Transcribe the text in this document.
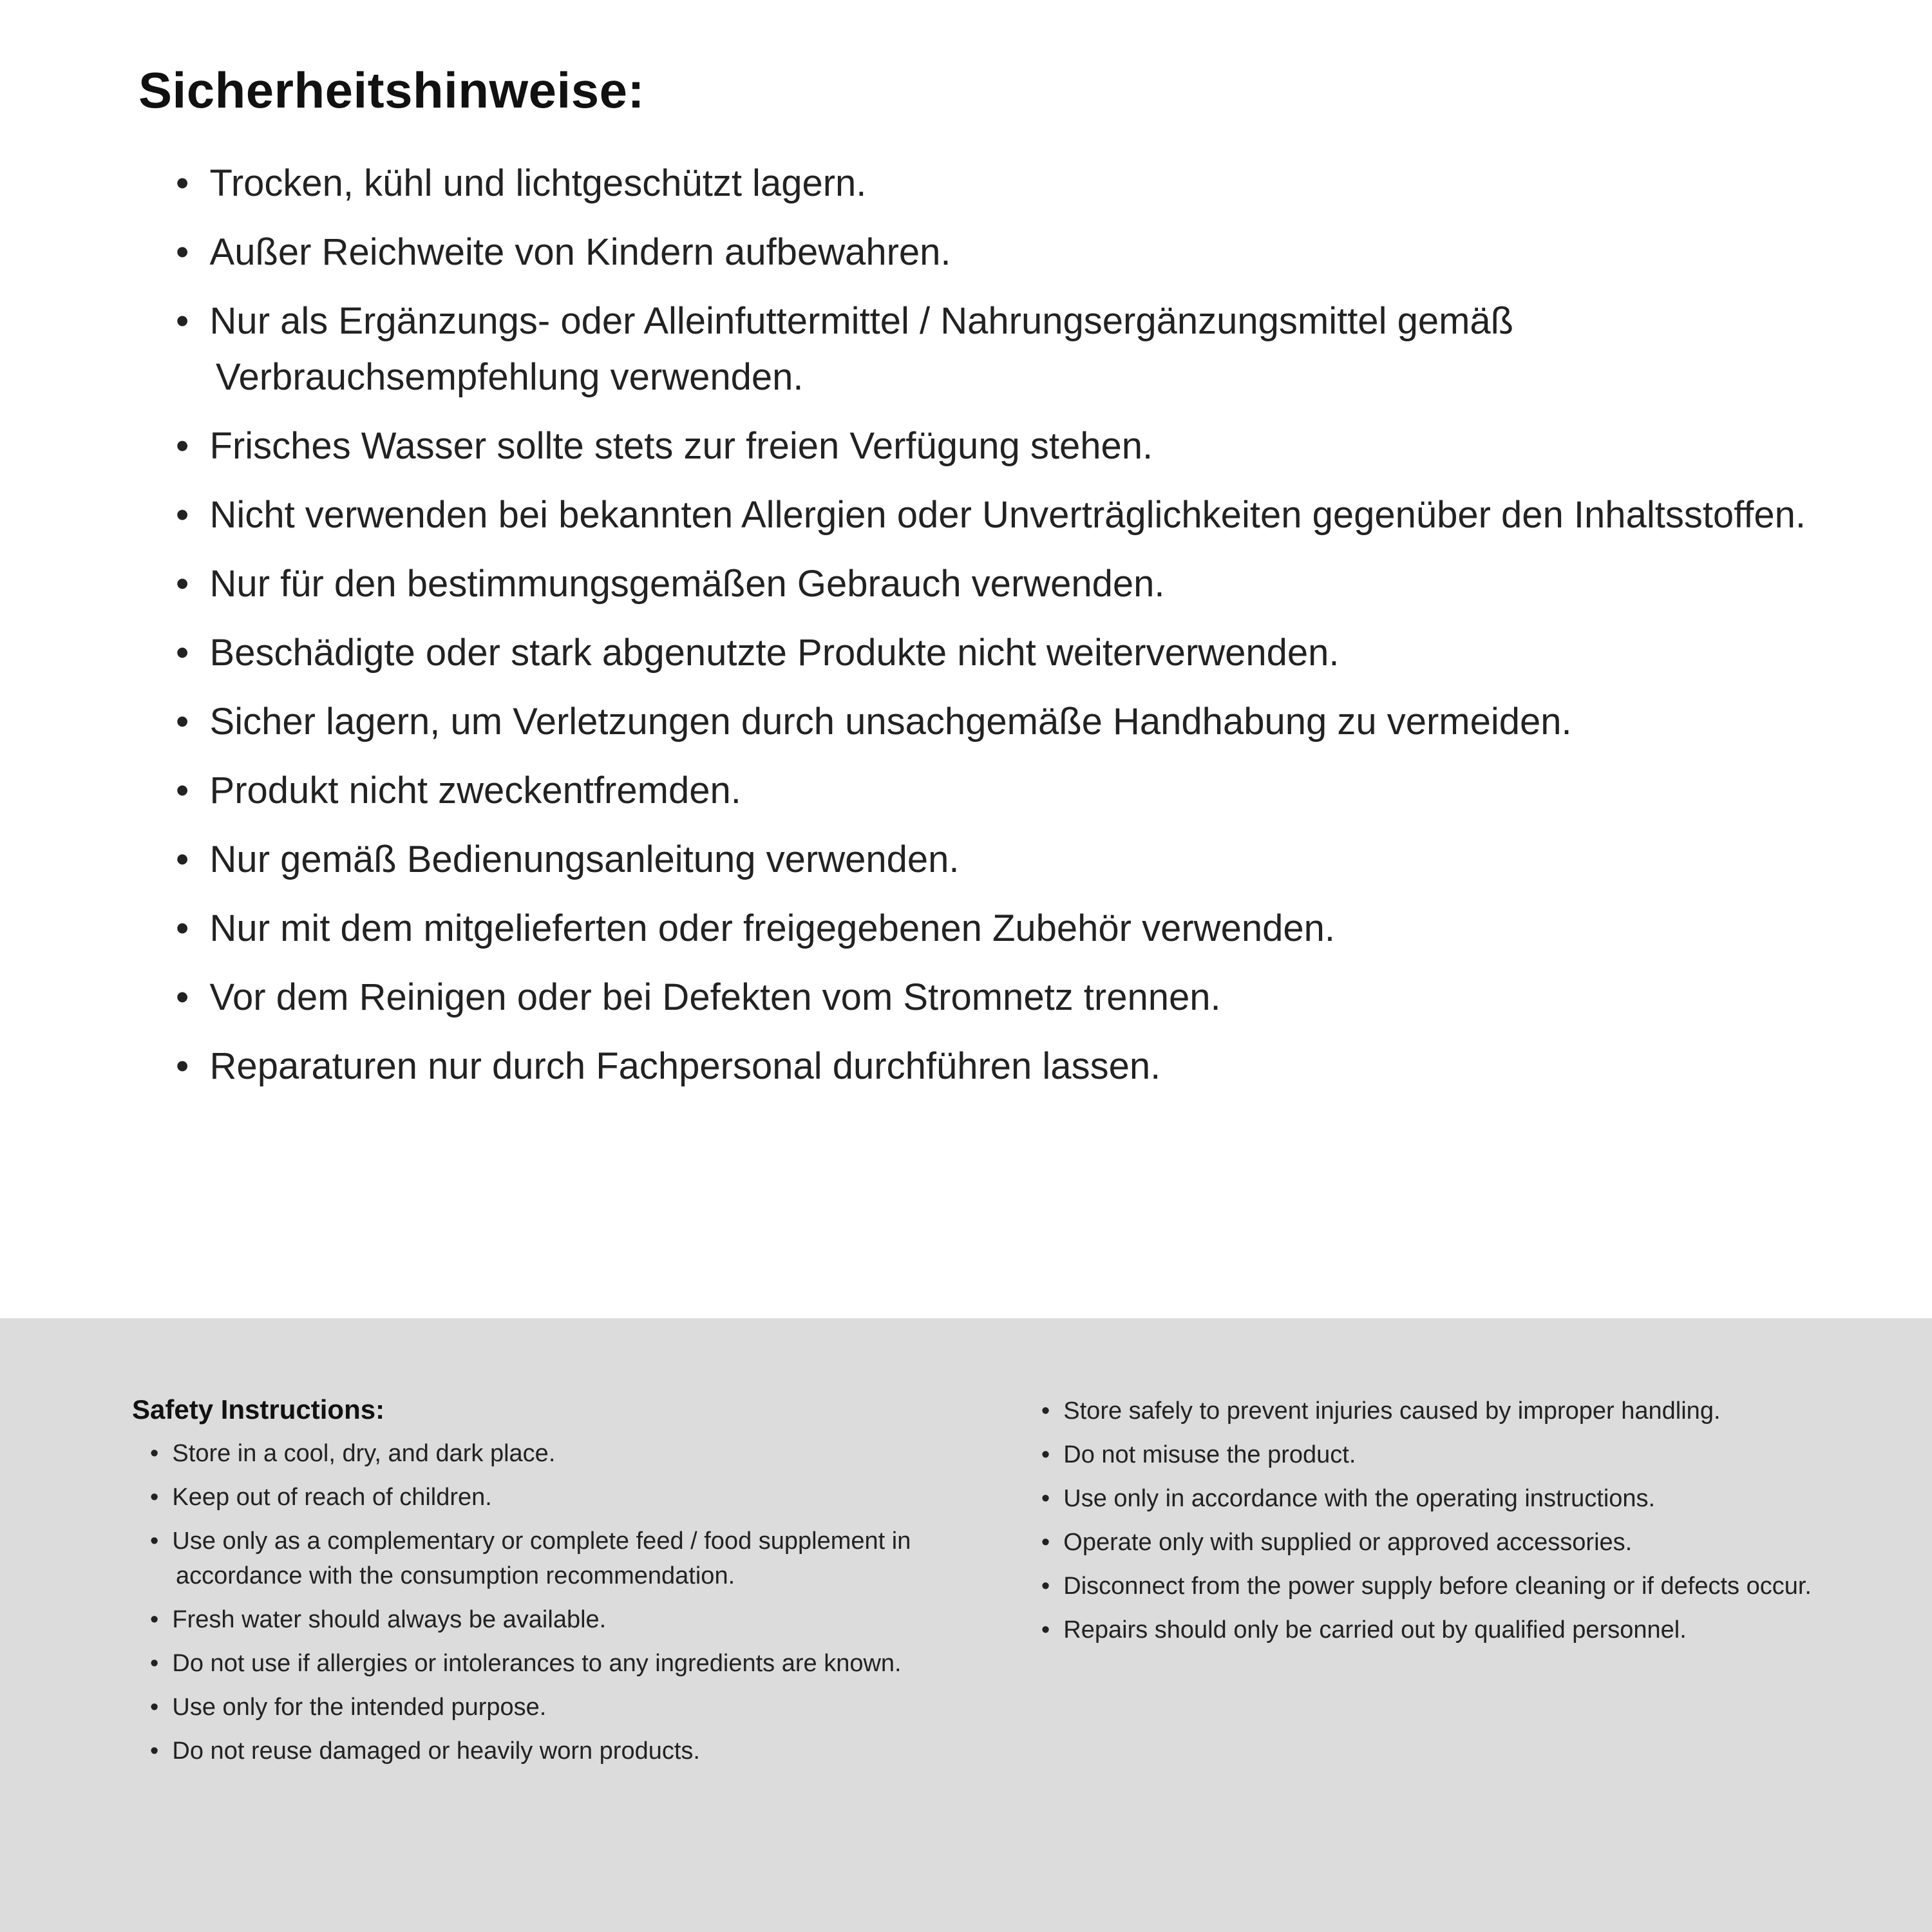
Sicherheitshinweise:
•  Trocken, kühl und lichtgeschützt lagern.
•  Außer Reichweite von Kindern aufbewahren.
•  Nur als Ergänzungs- oder Alleinfuttermittel / Nahrungsergänzungsmittel gemäß Verbrauchsempfehlung verwenden.
•  Frisches Wasser sollte stets zur freien Verfügung stehen.
•  Nicht verwenden bei bekannten Allergien oder Unverträglichkeiten gegenüber den Inhaltsstoffen.
•  Nur für den bestimmungsgemäßen Gebrauch verwenden.
•  Beschädigte oder stark abgenutzte Produkte nicht weiterverwenden.
•  Sicher lagern, um Verletzungen durch unsachgemäße Handhabung zu vermeiden.
•  Produkt nicht zweckentfremden.
•  Nur gemäß Bedienungsanleitung verwenden.
•  Nur mit dem mitgelieferten oder freigegebenen Zubehör verwenden.
•  Vor dem Reinigen oder bei Defekten vom Stromnetz trennen.
•  Reparaturen nur durch Fachpersonal durchführen lassen.
Safety Instructions:
•  Store in a cool, dry, and dark place.
•  Keep out of reach of children.
•  Use only as a complementary or complete feed / food supplement in accordance with the consumption recommendation.
•  Fresh water should always be available.
•  Do not use if allergies or intolerances to any ingredients are known.
•  Use only for the intended purpose.
•  Do not reuse damaged or heavily worn products.
•  Store safely to prevent injuries caused by improper handling.
•  Do not misuse the product.
•  Use only in accordance with the operating instructions.
•  Operate only with supplied or approved accessories.
•  Disconnect from the power supply before cleaning or if defects occur.
•  Repairs should only be carried out by qualified personnel.
